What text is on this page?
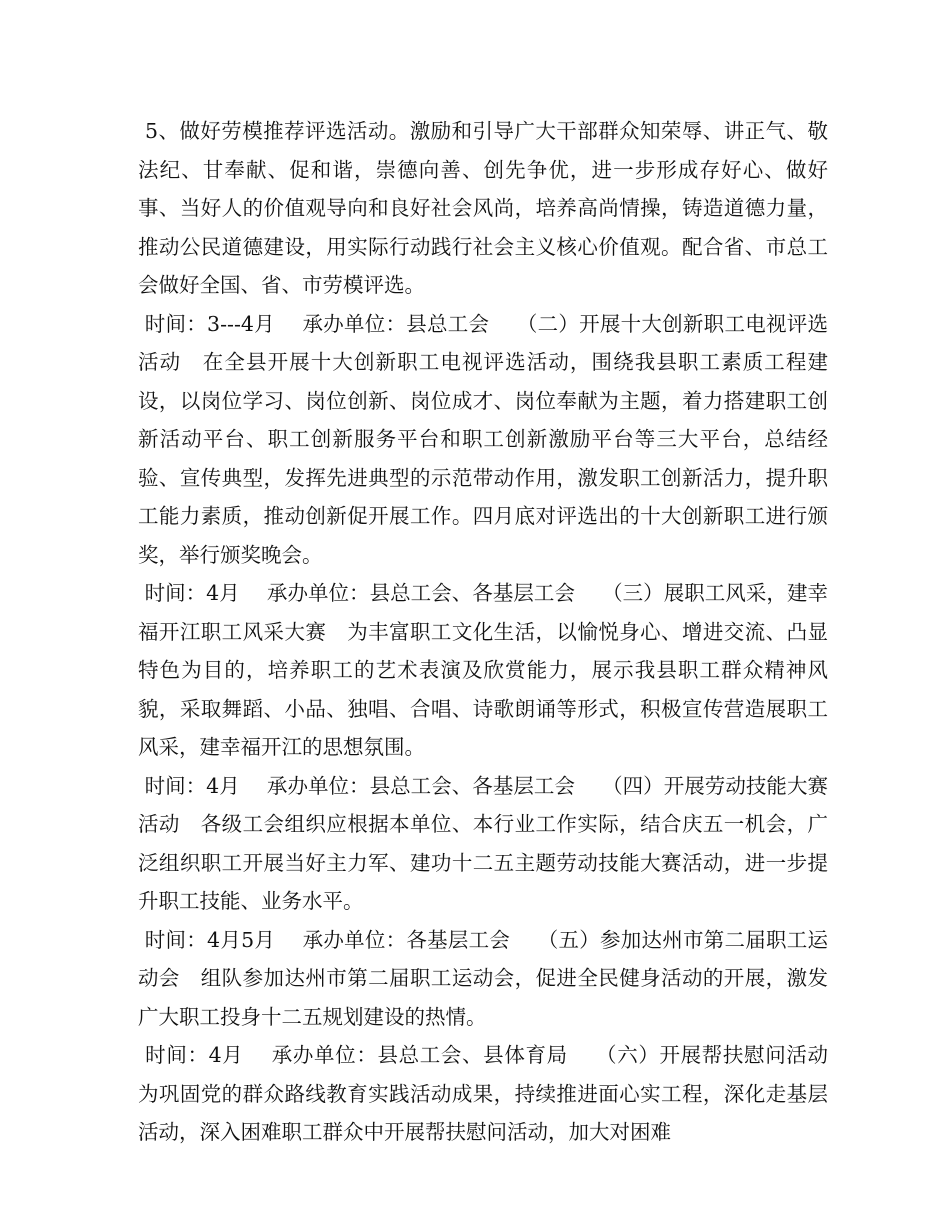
5、做好劳模推荐评选活动。激励和引导广大干部群众知荣辱、讲正气、敬法纪、甘奉献、促和谐，崇德向善、创先争优，进一步形成存好心、做好事、当好人的价值观导向和良好社会风尚，培养高尚情操，铸造道德力量，推动公民道德建设，用实际行动践行社会主义核心价值观。配合省、市总工会做好全国、省、市劳模评选。

时间：3---4月　 承办单位：县总工会　 （二）开展十大创新职工电视评选活动　在全县开展十大创新职工电视评选活动，围绕我县职工素质工程建设，以岗位学习、岗位创新、岗位成才、岗位奉献为主题，着力搭建职工创新活动平台、职工创新服务平台和职工创新激励平台等三大平台，总结经验、宣传典型，发挥先进典型的示范带动作用，激发职工创新活力，提升职工能力素质，推动创新促开展工作。四月底对评选出的十大创新职工进行颁奖，举行颁奖晚会。

时间：4月　 承办单位：县总工会、各基层工会　 （三）展职工风采，建幸福开江职工风采大赛　为丰富职工文化生活，以愉悦身心、增进交流、凸显特色为目的，培养职工的艺术表演及欣赏能力，展示我县职工群众精神风貌，采取舞蹈、小品、独唱、合唱、诗歌朗诵等形式，积极宣传营造展职工风采，建幸福开江的思想氛围。

时间：4月　 承办单位：县总工会、各基层工会　 （四）开展劳动技能大赛活动　各级工会组织应根据本单位、本行业工作实际，结合庆五一机会，广泛组织职工开展当好主力军、建功十二五主题劳动技能大赛活动，进一步提升职工技能、业务水平。

时间：4月5月　 承办单位：各基层工会　 （五）参加达州市第二届职工运动会　组队参加达州市第二届职工运动会，促进全民健身活动的开展，激发广大职工投身十二五规划建设的热情。

时间：4月　 承办单位：县总工会、县体育局　 （六）开展帮扶慰问活动　为巩固党的群众路线教育实践活动成果，持续推进面心实工程，深化走基层活动，深入困难职工群众中开展帮扶慰问活动，加大对困难
